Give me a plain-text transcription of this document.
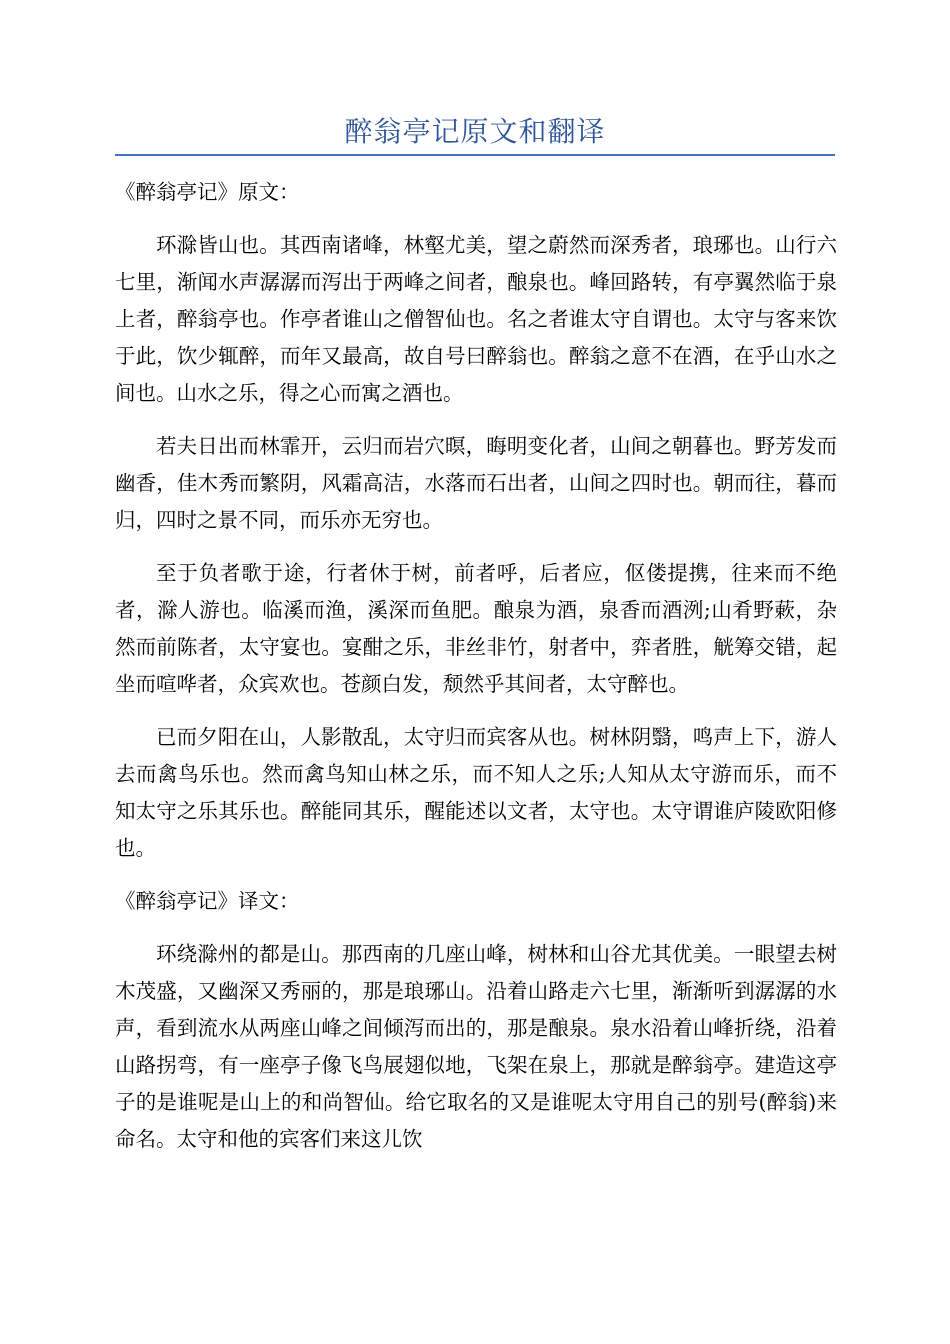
醉翁亭记原文和翻译

《醉翁亭记》原文：

环滁皆山也。其西南诸峰，林壑尤美，望之蔚然而深秀者，琅琊也。山行六七里，渐闻水声潺潺而泻出于两峰之间者，酿泉也。峰回路转，有亭翼然临于泉上者，醉翁亭也。作亭者谁山之僧智仙也。名之者谁太守自谓也。太守与客来饮于此，饮少辄醉，而年又最高，故自号曰醉翁也。醉翁之意不在酒，在乎山水之间也。山水之乐，得之心而寓之酒也。

若夫日出而林霏开，云归而岩穴暝，晦明变化者，山间之朝暮也。野芳发而幽香，佳木秀而繁阴，风霜高洁，水落而石出者，山间之四时也。朝而往，暮而归，四时之景不同，而乐亦无穷也。

至于负者歌于途，行者休于树，前者呼，后者应，伛偻提携，往来而不绝者，滁人游也。临溪而渔，溪深而鱼肥。酿泉为酒，泉香而酒洌;山肴野蔌，杂然而前陈者，太守宴也。宴酣之乐，非丝非竹，射者中，弈者胜，觥筹交错，起坐而喧哗者，众宾欢也。苍颜白发，颓然乎其间者，太守醉也。

已而夕阳在山，人影散乱，太守归而宾客从也。树林阴翳，鸣声上下，游人去而禽鸟乐也。然而禽鸟知山林之乐，而不知人之乐;人知从太守游而乐，而不知太守之乐其乐也。醉能同其乐，醒能述以文者，太守也。太守谓谁庐陵欧阳修也。

《醉翁亭记》译文：

环绕滁州的都是山。那西南的几座山峰，树林和山谷尤其优美。一眼望去树木茂盛，又幽深又秀丽的，那是琅琊山。沿着山路走六七里，渐渐听到潺潺的水声，看到流水从两座山峰之间倾泻而出的，那是酿泉。泉水沿着山峰折绕，沿着山路拐弯，有一座亭子像飞鸟展翅似地，飞架在泉上，那就是醉翁亭。建造这亭子的是谁呢是山上的和尚智仙。给它取名的又是谁呢太守用自己的别号(醉翁)来命名。太守和他的宾客们来这儿饮
